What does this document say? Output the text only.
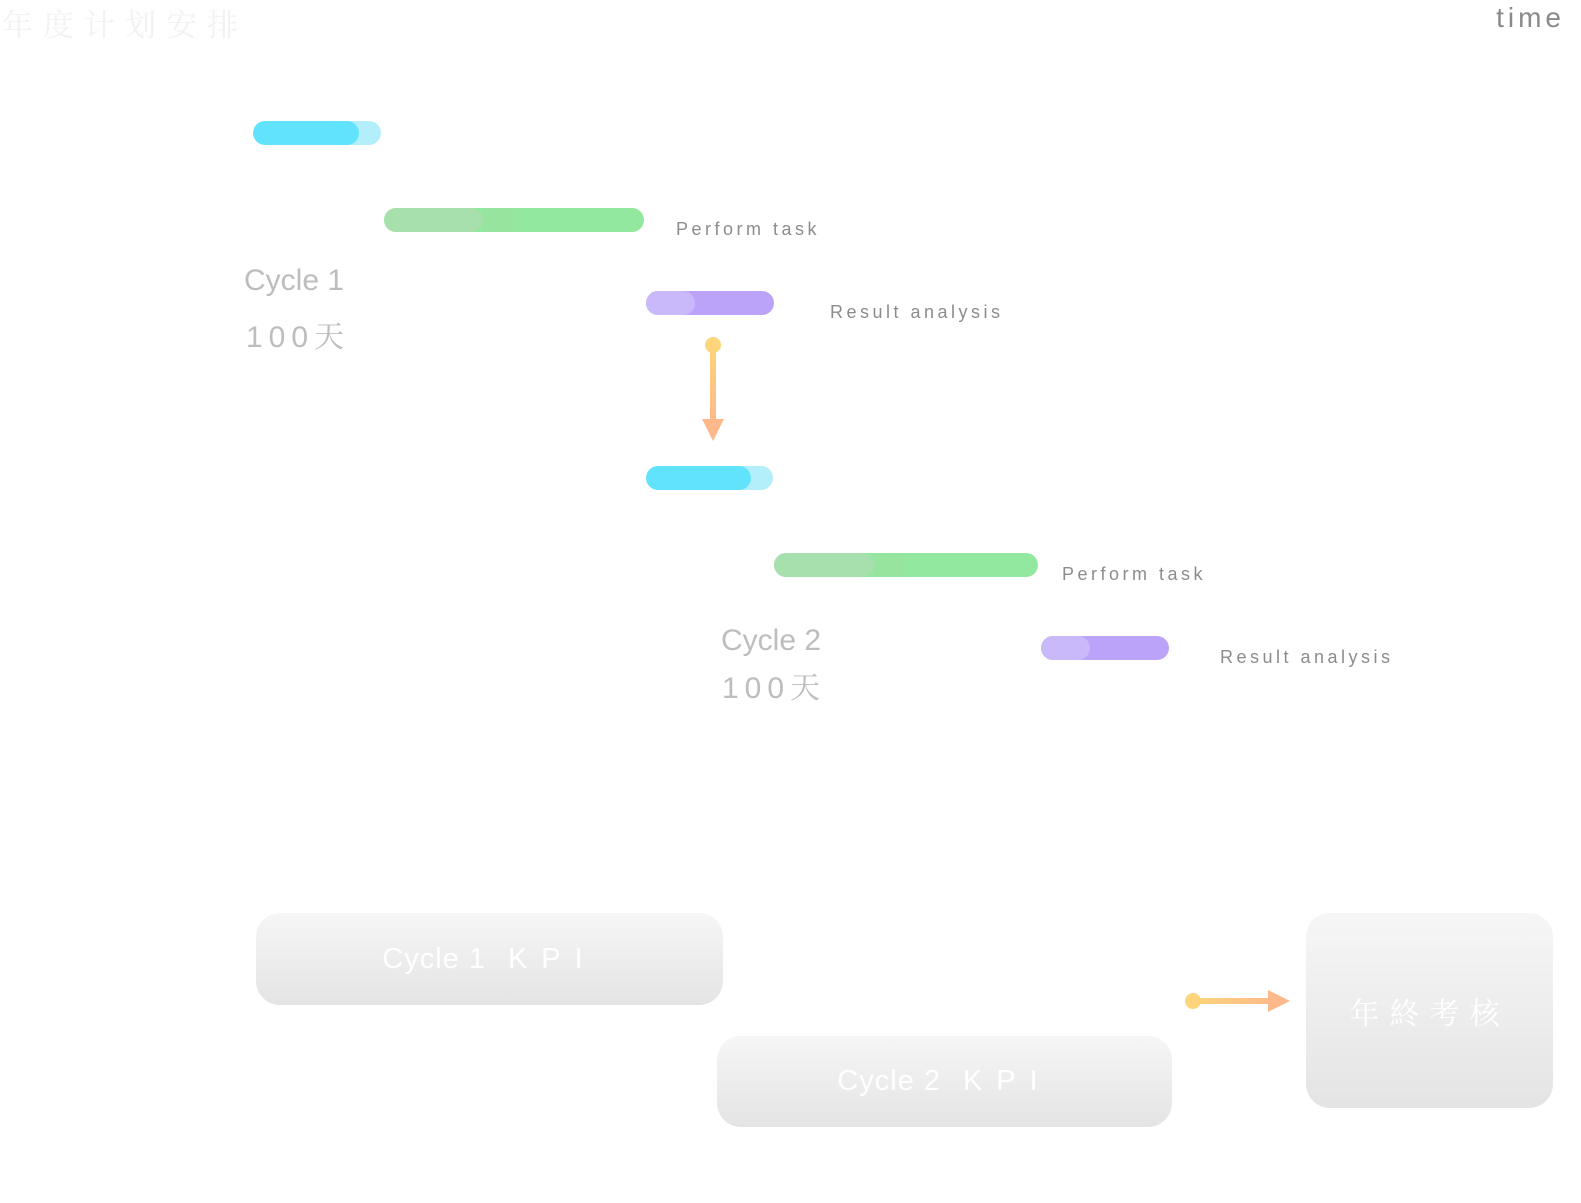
年度计划安排	time
Perform task
Cycle 1
100天
Result analysis
Perform task
Cycle 2
100天
Result analysis
Cycle 1 KPI
Cycle 2 KPI
年終考核
